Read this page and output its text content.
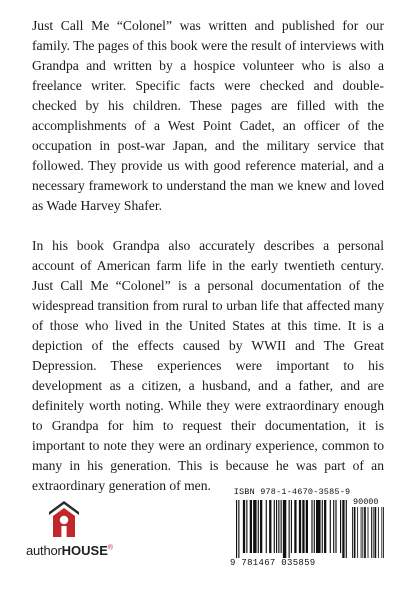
Just Call Me “Colonel” was written and published for our family. The pages of this book were the result of interviews with Grandpa and written by a hospice volunteer who is also a freelance writer. Specific facts were checked and double-checked by his children. These pages are filled with the accomplishments of a West Point Cadet, an officer of the occupation in post-war Japan, and the military service that followed. They provide us with good reference material, and a necessary framework to understand the man we knew and loved as Wade Harvey Shafer.

In his book Grandpa also accurately describes a personal account of American farm life in the early twentieth century. Just Call Me “Colonel” is a personal documentation of the widespread transition from rural to urban life that affected many of those who lived in the United States at this time. It is a depiction of the effects caused by WWII and The Great Depression. These experiences were important to his development as a citizen, a husband, and a father, and are definitely worth noting. While they were extraordinary enough to Grandpa for him to request their documentation, it is important to note they were an ordinary experience, common to many in his generation. This is because he was part of an extraordinary generation of men.

authorHOUSE®
ISBN 978-1-4670-3585-9
90000
9 781467 035859
